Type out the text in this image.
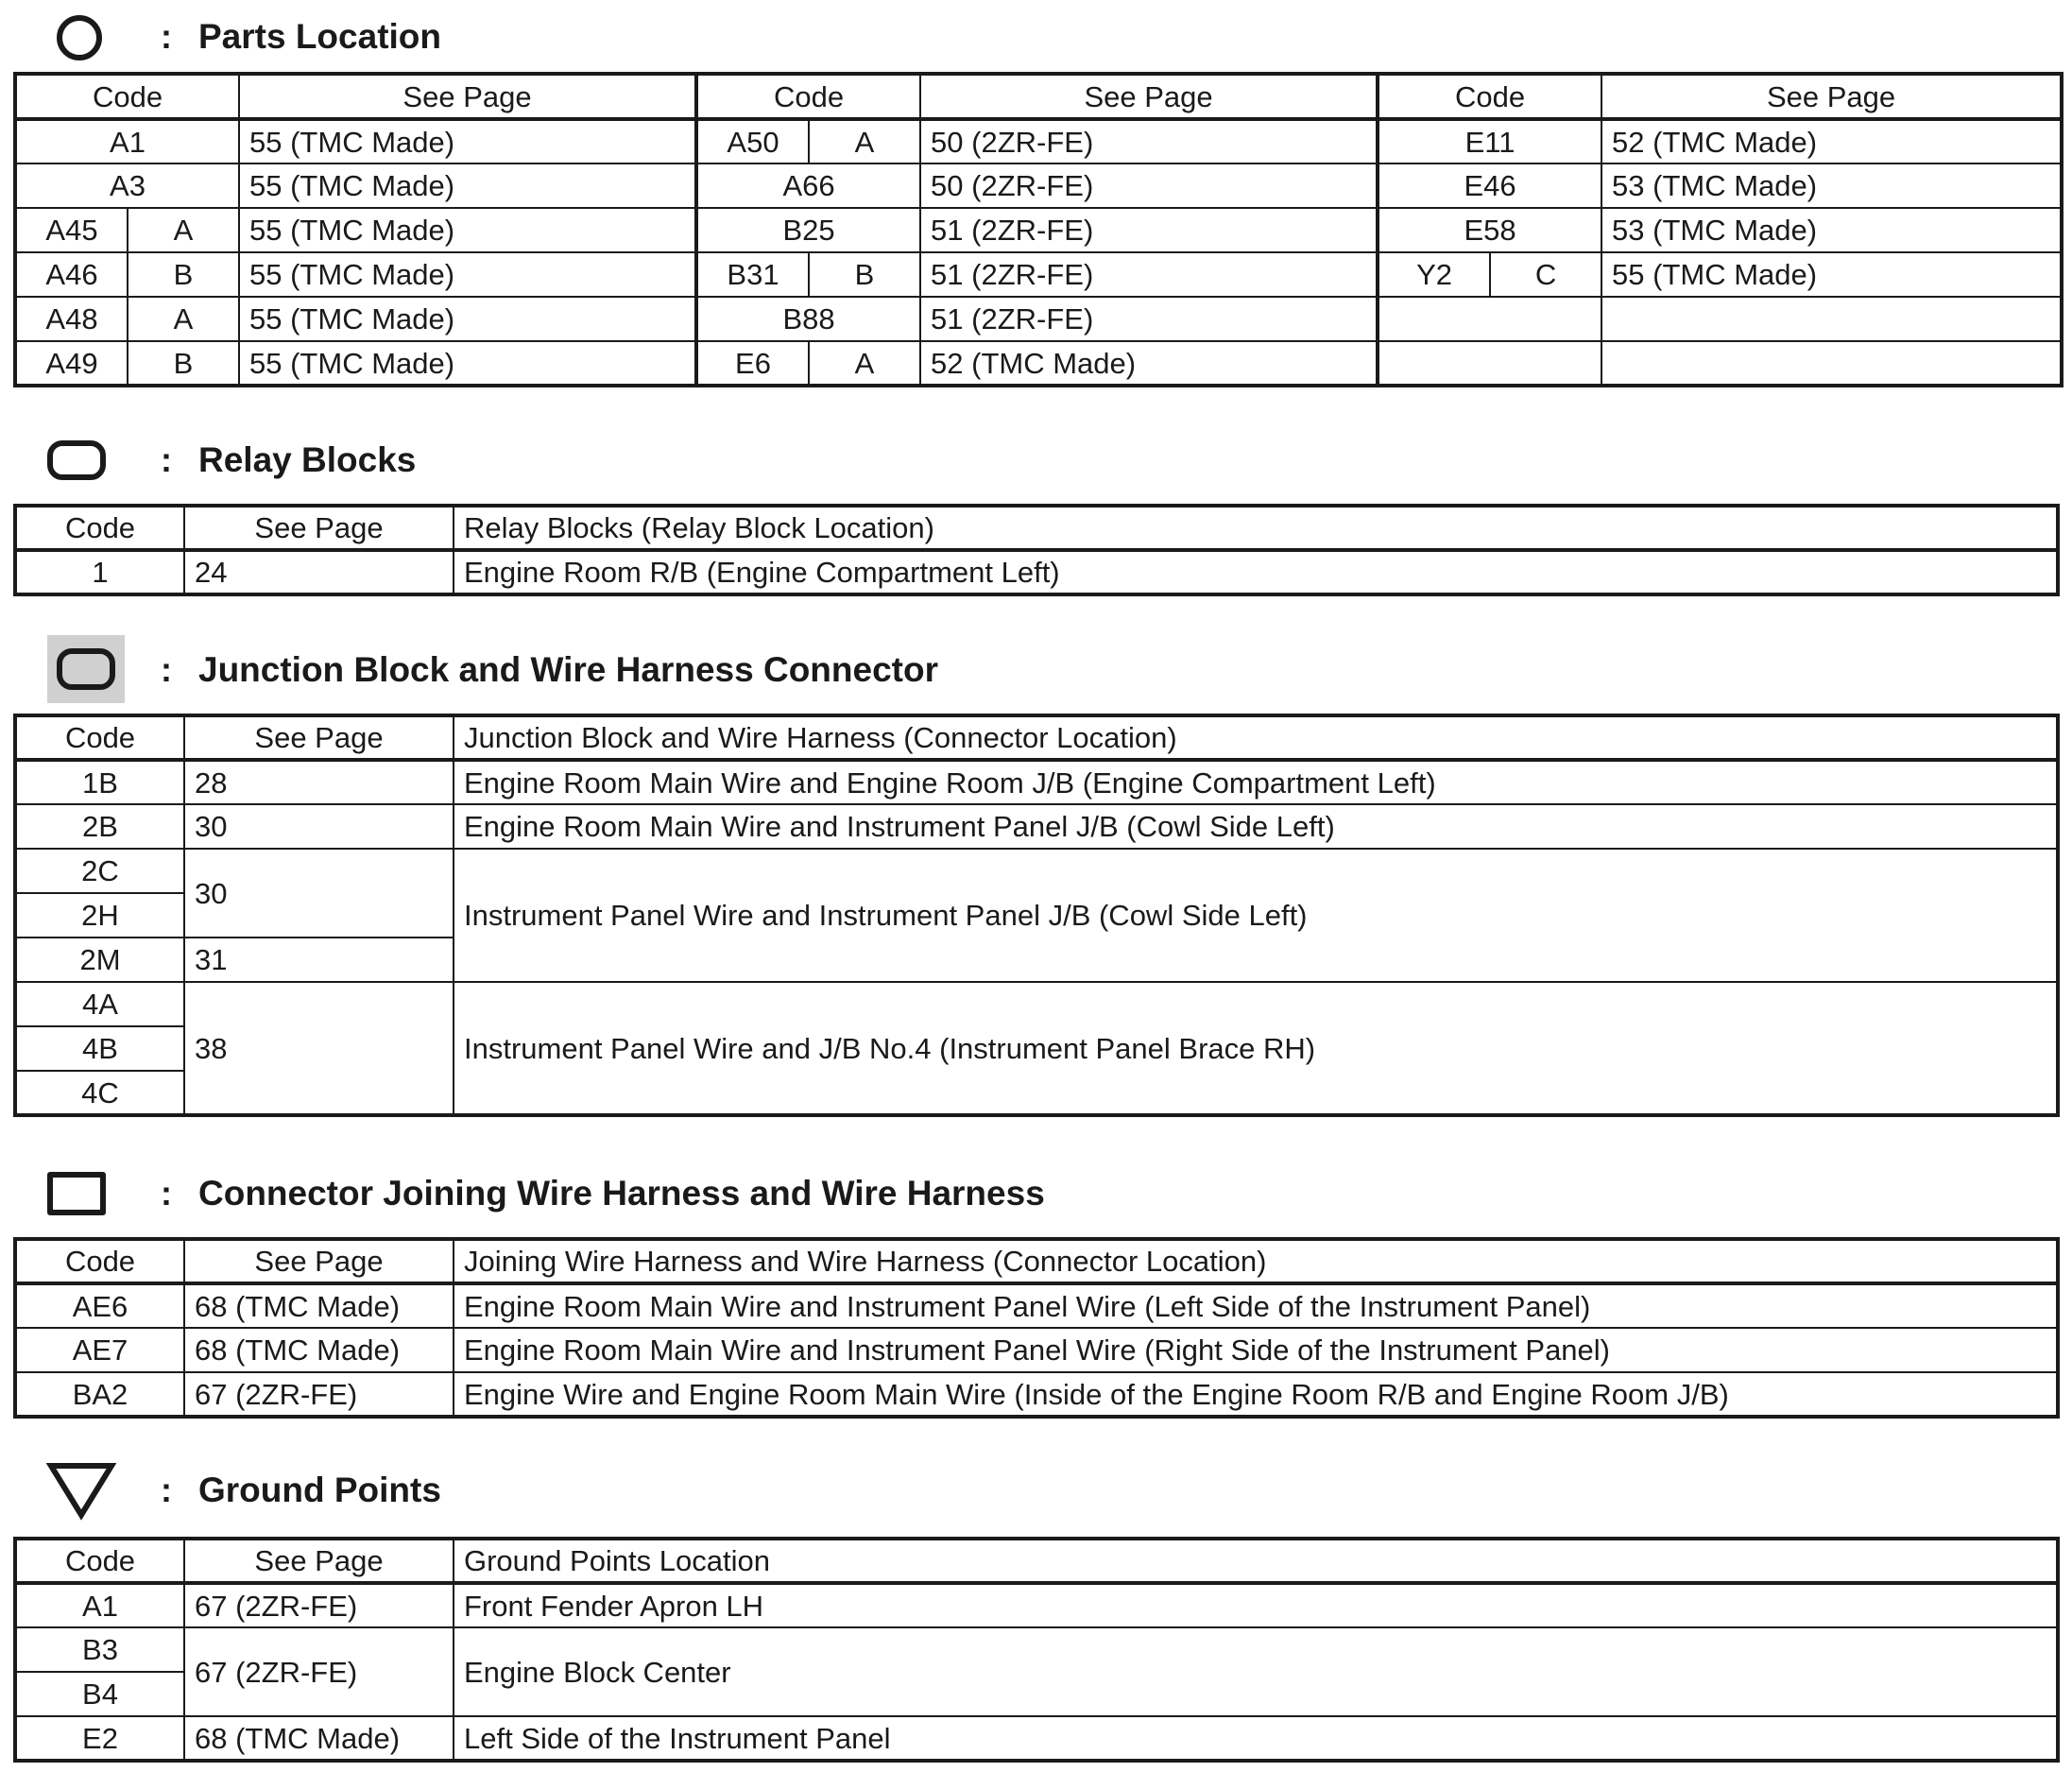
: Parts Location
Code		See Page	Code		See Page	Code		See Page
A1		55 (TMC Made)	A50	A	50 (2ZR-FE)	E11		52 (TMC Made)
A3		55 (TMC Made)	A66		50 (2ZR-FE)	E46		53 (TMC Made)
A45	A	55 (TMC Made)	B25		51 (2ZR-FE)	E58		53 (TMC Made)
A46	B	55 (TMC Made)	B31	B	51 (2ZR-FE)	Y2	C	55 (TMC Made)
A48	A	55 (TMC Made)	B88		51 (2ZR-FE)			
A49	B	55 (TMC Made)	E6	A	52 (TMC Made)			
: Relay Blocks
Code	See Page	Relay Blocks (Relay Block Location)
1	24	Engine Room R/B (Engine Compartment Left)
: Junction Block and Wire Harness Connector
Code	See Page	Junction Block and Wire Harness (Connector Location)
1B	28	Engine Room Main Wire and Engine Room J/B (Engine Compartment Left)
2B	30	Engine Room Main Wire and Instrument Panel J/B (Cowl Side Left)
2C	30	Instrument Panel Wire and Instrument Panel J/B (Cowl Side Left)
2H		
2M	31	
4A	38	Instrument Panel Wire and J/B No.4 (Instrument Panel Brace RH)
4B		
4C		
: Connector Joining Wire Harness and Wire Harness
Code	See Page	Joining Wire Harness and Wire Harness (Connector Location)
AE6	68 (TMC Made)	Engine Room Main Wire and Instrument Panel Wire (Left Side of the Instrument Panel)
AE7	68 (TMC Made)	Engine Room Main Wire and Instrument Panel Wire (Right Side of the Instrument Panel)
BA2	67 (2ZR-FE)	Engine Wire and Engine Room Main Wire (Inside of the Engine Room R/B and Engine Room J/B)
: Ground Points
Code	See Page	Ground Points Location
A1	67 (2ZR-FE)	Front Fender Apron LH
B3	67 (2ZR-FE)	Engine Block Center
B4		
E2	68 (TMC Made)	Left Side of the Instrument Panel
